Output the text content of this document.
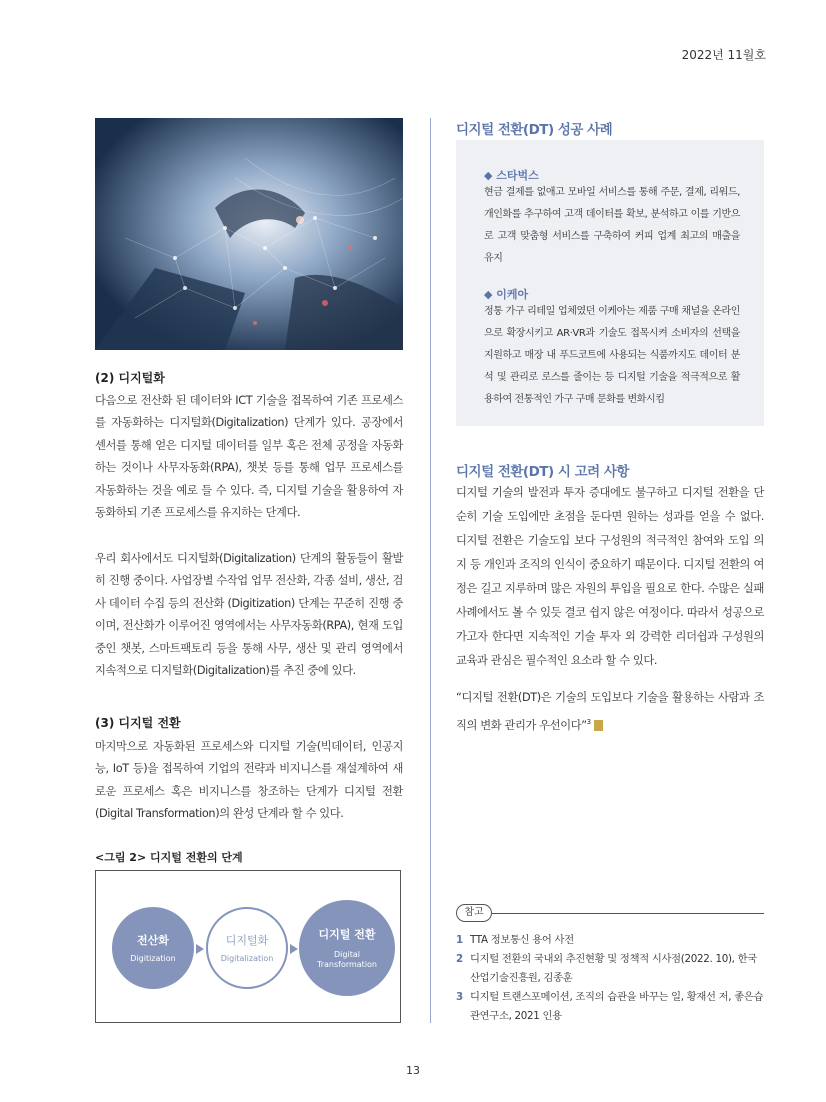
2022년 11월호
(2) 디지털화

다음으로 전산화 된 데이터와 ICT 기술을 접목하여 기존 프로세스를 자동화하는 디지털화(Digitalization) 단계가 있다. 공장에서 센서를 통해 얻은 디지털 데이터를 일부 혹은 전체 공정을 자동화하는 것이나 사무자동화(RPA), 챗봇 등를 통해 업무 프로세스를 자동화하는 것을 예로 들 수 있다. 즉, 디지털 기술을 활용하여 자동화하되 기존 프로세스를 유지하는 단계다.

우리 회사에서도 디지털화(Digitalization) 단계의 활동들이 활발히 진행 중이다. 사업장별 수작업 업무 전산화, 각종 설비, 생산, 검사 데이터 수집 등의 전산화 (Digitization) 단계는 꾸준히 진행 중이며, 전산화가 이루어진 영역에서는 사무자동화(RPA), 현재 도입 중인 챗봇, 스마트팩토리 등을 통해 사무, 생산 및 관리 영역에서 지속적으로 디지털화(Digitalization)를 추진 중에 있다.

(3) 디지털 전환

마지막으로 자동화된 프로세스와 디지털 기술(빅데이터, 인공지능, IoT 등)을 접목하여 기업의 전략과 비지니스를 재설계하여 새로운 프로세스 혹은 비지니스를 창조하는 단계가 디지털 전환(Digital Transformation)의 완성 단계라 할 수 있다.

<그림 2> 디지털 전환의 단계
전산화
Digitization
디지털화
Digitalization
디지털 전환
Digital
Transformation
디지털 전환(DT) 성공 사례
◆ 스타벅스

현금 결제를 없애고 모바일 서비스를 통해 주문, 결제, 리워드, 개인화를 추구하여 고객 데이터를 확보, 분석하고 이를 기반으로 고객 맞춤형 서비스를 구축하여 커피 업계 최고의 매출을 유지

◆ 이케아

정통 가구 리테일 업체였던 이케아는 제품 구매 채널을 온라인으로 확장시키고 AR·VR과 기술도 접목시켜 소비자의 선택을 지원하고 매장 내 푸드코트에 사용되는 식품까지도 데이터 분석 및 관리로 로스를 줄이는 등 디지털 기술을 적극적으로 활용하여 전통적인 가구 구매 문화를 변화시킴

디지털 전환(DT) 시 고려 사항

디지털 기술의 발전과 투자 증대에도 불구하고 디지털 전환을 단순히 기술 도입에만 초점을 둔다면 원하는 성과를 얻을 수 없다. 디지털 전환은 기술도입 보다 구성원의 적극적인 참여와 도입 의지 등 개인과 조직의 인식이 중요하기 때문이다. 디지털 전환의 여정은 길고 지루하며 많은 자원의 투입을 필요로 한다. 수많은 실패 사례에서도 볼 수 있듯 결코 쉽지 않은 여정이다. 따라서 성공으로 가고자 한다면 지속적인 기술 투자 외 강력한 리더쉽과 구성원의 교육과 관심은 필수적인 요소라 할 수 있다.

“디지털 전환(DT)은 기술의 도입보다 기술을 활용하는 사람과 조직의 변화 관리가 우선이다”$^3$

참고
1 TTA 정보통신 용어 사전
2 디지털 전환의 국내외 추진현황 및 정책적 시사점(2022. 10), 한국산업기술진흥원, 김종훈
3 디지털 트랜스포메이션, 조직의 습관을 바꾸는 일, 황재선 저, 좋은습관연구소, 2021 인용
13
